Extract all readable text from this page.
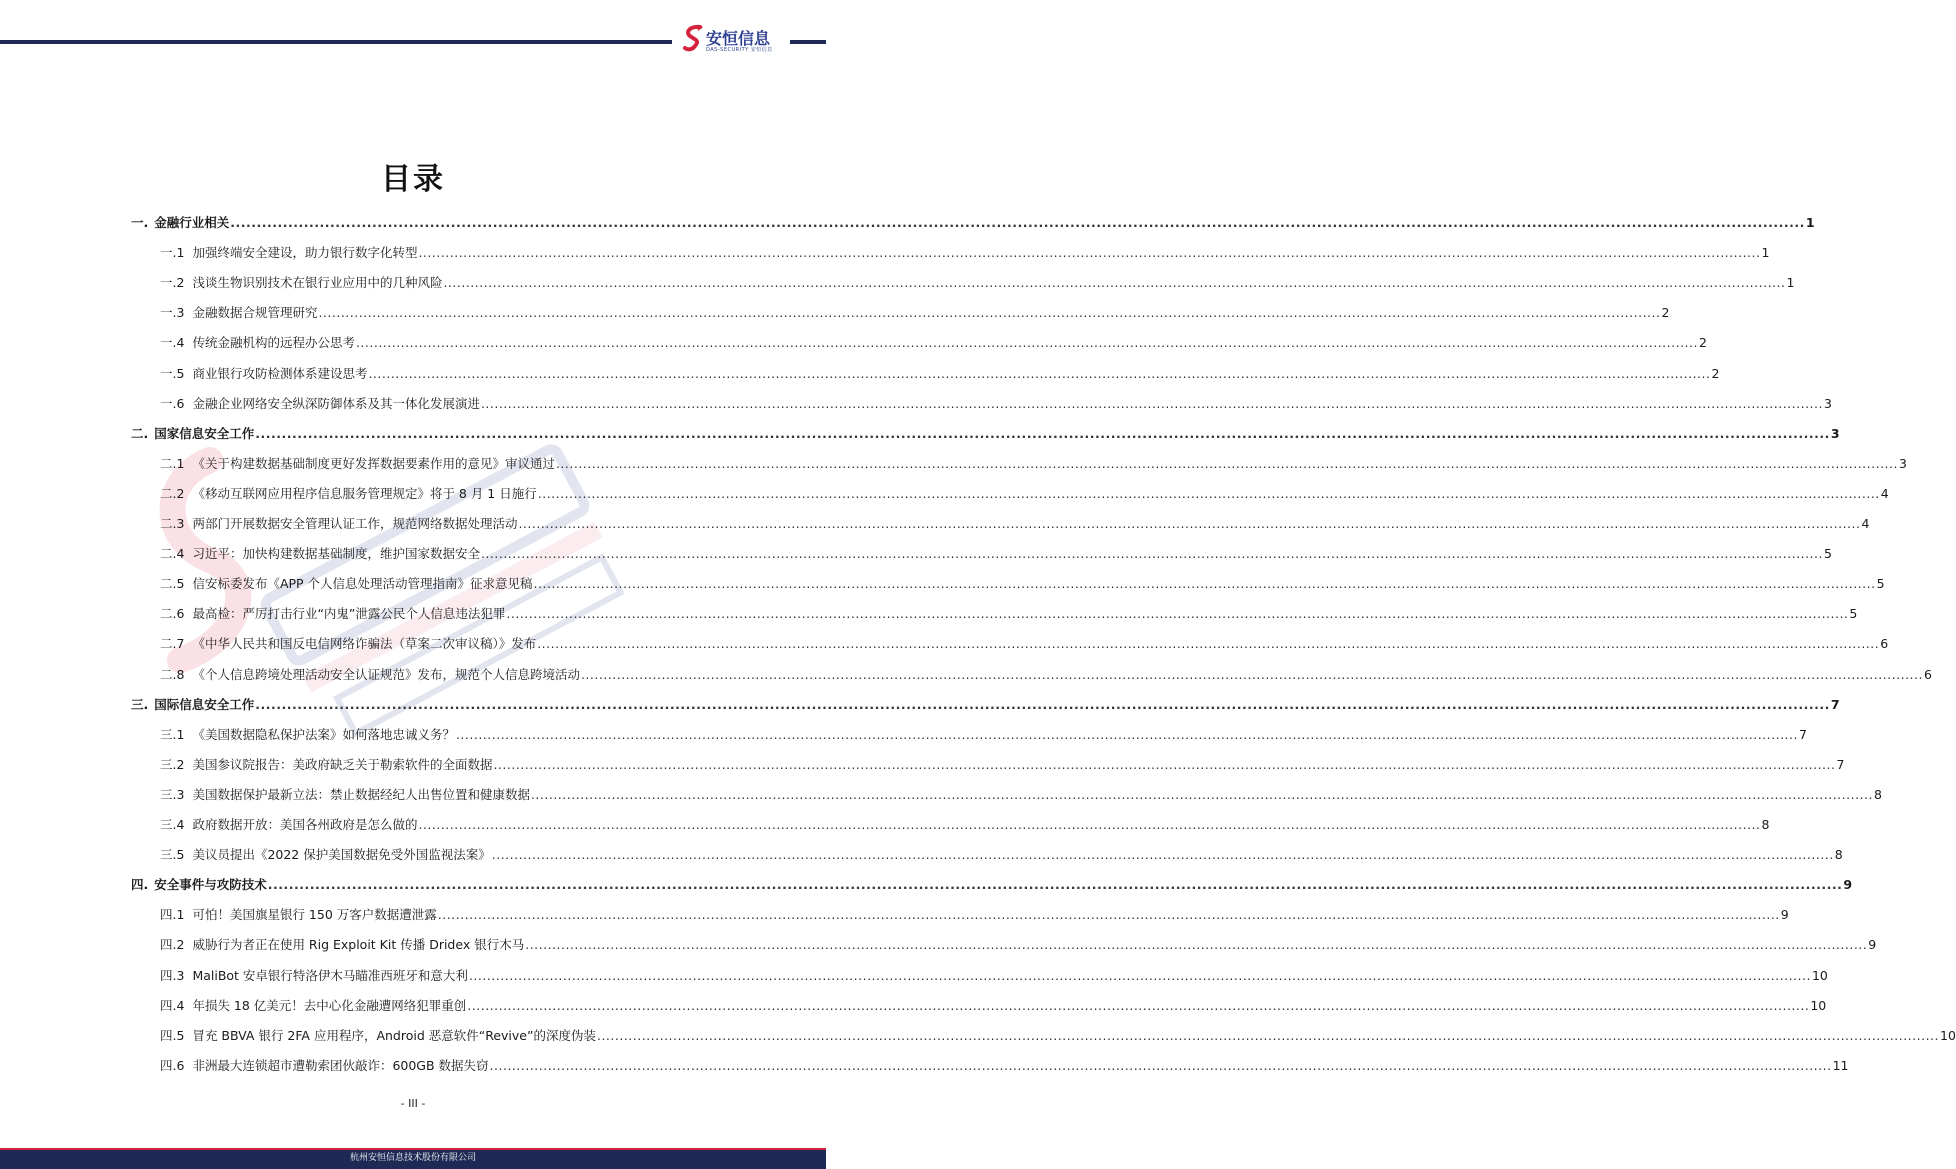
安恒信息
DAS-SECURITY 安恒信息
目录
一. 金融行业相关 .....	1
一.1 加强终端安全建设，助力银行数字化转型 .....	1
一.2 浅谈生物识别技术在银行业应用中的几种风险 .....	1
一.3 金融数据合规管理研究 .....	2
一.4 传统金融机构的远程办公思考 .....	2
一.5 商业银行攻防检测体系建设思考 .....	2
一.6 金融企业网络安全纵深防御体系及其一体化发展演进 .....	3
二. 国家信息安全工作 .....	3
二.1 《关于构建数据基础制度更好发挥数据要素作用的意见》审议通过 .....	3
二.2 《移动互联网应用程序信息服务管理规定》将于 8 月 1 日施行 .....	4
二.3 两部门开展数据安全管理认证工作，规范网络数据处理活动 .....	4
二.4 习近平：加快构建数据基础制度，维护国家数据安全 .....	5
二.5 信安标委发布《APP 个人信息处理活动管理指南》征求意见稿 .....	5
二.6 最高检：严厉打击行业“内鬼”泄露公民个人信息违法犯罪 .....	5
二.7 《中华人民共和国反电信网络诈骗法（草案二次审议稿）》发布 .....	6
二.8 《个人信息跨境处理活动安全认证规范》发布，规范个人信息跨境活动 .....	6
三. 国际信息安全工作 .....	7
三.1 《美国数据隐私保护法案》如何落地忠诚义务？ .....	7
三.2 美国参议院报告：美政府缺乏关于勒索软件的全面数据 .....	7
三.3 美国数据保护最新立法：禁止数据经纪人出售位置和健康数据 .....	8
三.4 政府数据开放：美国各州政府是怎么做的 .....	8
三.5 美议员提出《2022 保护美国数据免受外国监视法案》 .....	8
四. 安全事件与攻防技术 .....	9
四.1 可怕！美国旗星银行 150 万客户数据遭泄露 .....	9
四.2 威胁行为者正在使用 Rig Exploit Kit 传播 Dridex 银行木马 .....	9
四.3 MaliBot 安卓银行特洛伊木马瞄准西班牙和意大利 .....	10
四.4 年损失 18 亿美元！去中心化金融遭网络犯罪重创 .....	10
四.5 冒充 BBVA 银行 2FA 应用程序，Android 恶意软件“Revive”的深度伪装 .....	10
四.6 非洲最大连锁超市遭勒索团伙敲诈：600GB 数据失窃 .....	11
- III -
杭州安恒信息技术股份有限公司
